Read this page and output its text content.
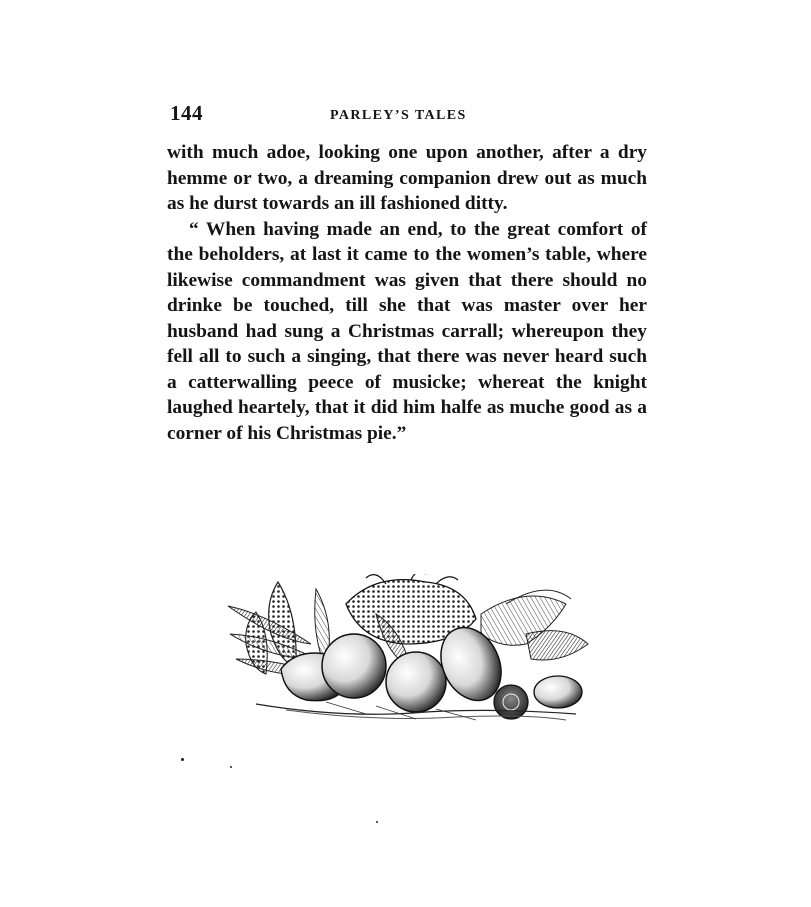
144	PARLEY’S TALES

with much adoe, looking one upon another, after a dry hemme or two, a dreaming companion drew out as much as he durst towards an ill fashioned ditty.

“ When having made an end, to the great comfort of the beholders, at last it came to the women’s table, where likewise commandment was given that there should no drinke be touched, till she that was master over her husband had sung a Christmas carrall; whereupon they fell all to such a singing, that there was never heard such a catterwalling peece of musicke; whereat the knight laughed heartely, that it did him halfe as muche good as a corner of his Christmas pie.”
